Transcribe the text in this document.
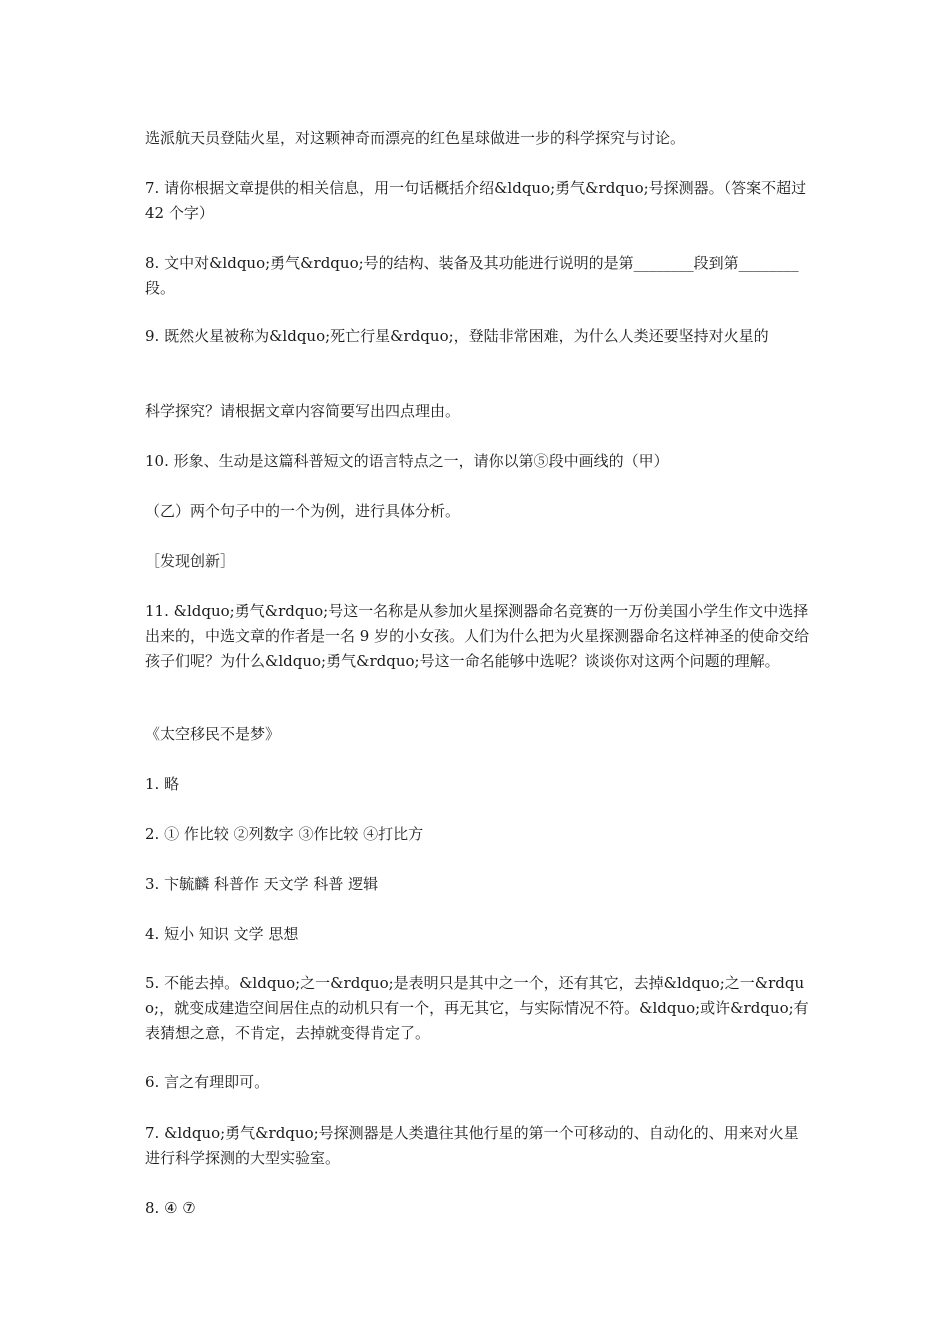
选派航天员登陆火星，对这颗神奇而漂亮的红色星球做进一步的科学探究与讨论。

7. 请你根据文章提供的相关信息，用一句话概括介绍&ldquo;勇气&rdquo;号探测器。（答案不超过 42 个字）

8. 文中对&ldquo;勇气&rdquo;号的结构、装备及其功能进行说明的是第________段到第________段。

9. 既然火星被称为&ldquo;死亡行星&rdquo;，登陆非常困难，为什么人类还要坚持对火星的

科学探究？请根据文章内容简要写出四点理由。

10. 形象、生动是这篇科普短文的语言特点之一，请你以第⑤段中画线的（甲）

（乙）两个句子中的一个为例，进行具体分析。

［发现创新］

11. &ldquo;勇气&rdquo;号这一名称是从参加火星探测器命名竞赛的一万份美国小学生作文中选择出来的，中选文章的作者是一名 9 岁的小女孩。人们为什么把为火星探测器命名这样神圣的使命交给孩子们呢？为什么&ldquo;勇气&rdquo;号这一命名能够中选呢？谈谈你对这两个问题的理解。

《太空移民不是梦》

1. 略

2. ① 作比较 ②列数字 ③作比较 ④打比方

3. 卞毓麟 科普作 天文学 科普 逻辑

4. 短小 知识 文学 思想

5. 不能去掉。&ldquo;之一&rdquo;是表明只是其中之一个，还有其它，去掉&ldquo;之一&rdquo;，就变成建造空间居住点的动机只有一个，再无其它，与实际情况不符。&ldquo;或许&rdquo;有表猜想之意，不肯定，去掉就变得肯定了。

6. 言之有理即可。

7. &ldquo;勇气&rdquo;号探测器是人类遣往其他行星的第一个可移动的、自动化的、用来对火星进行科学探测的大型实验室。

8. ④ ⑦
